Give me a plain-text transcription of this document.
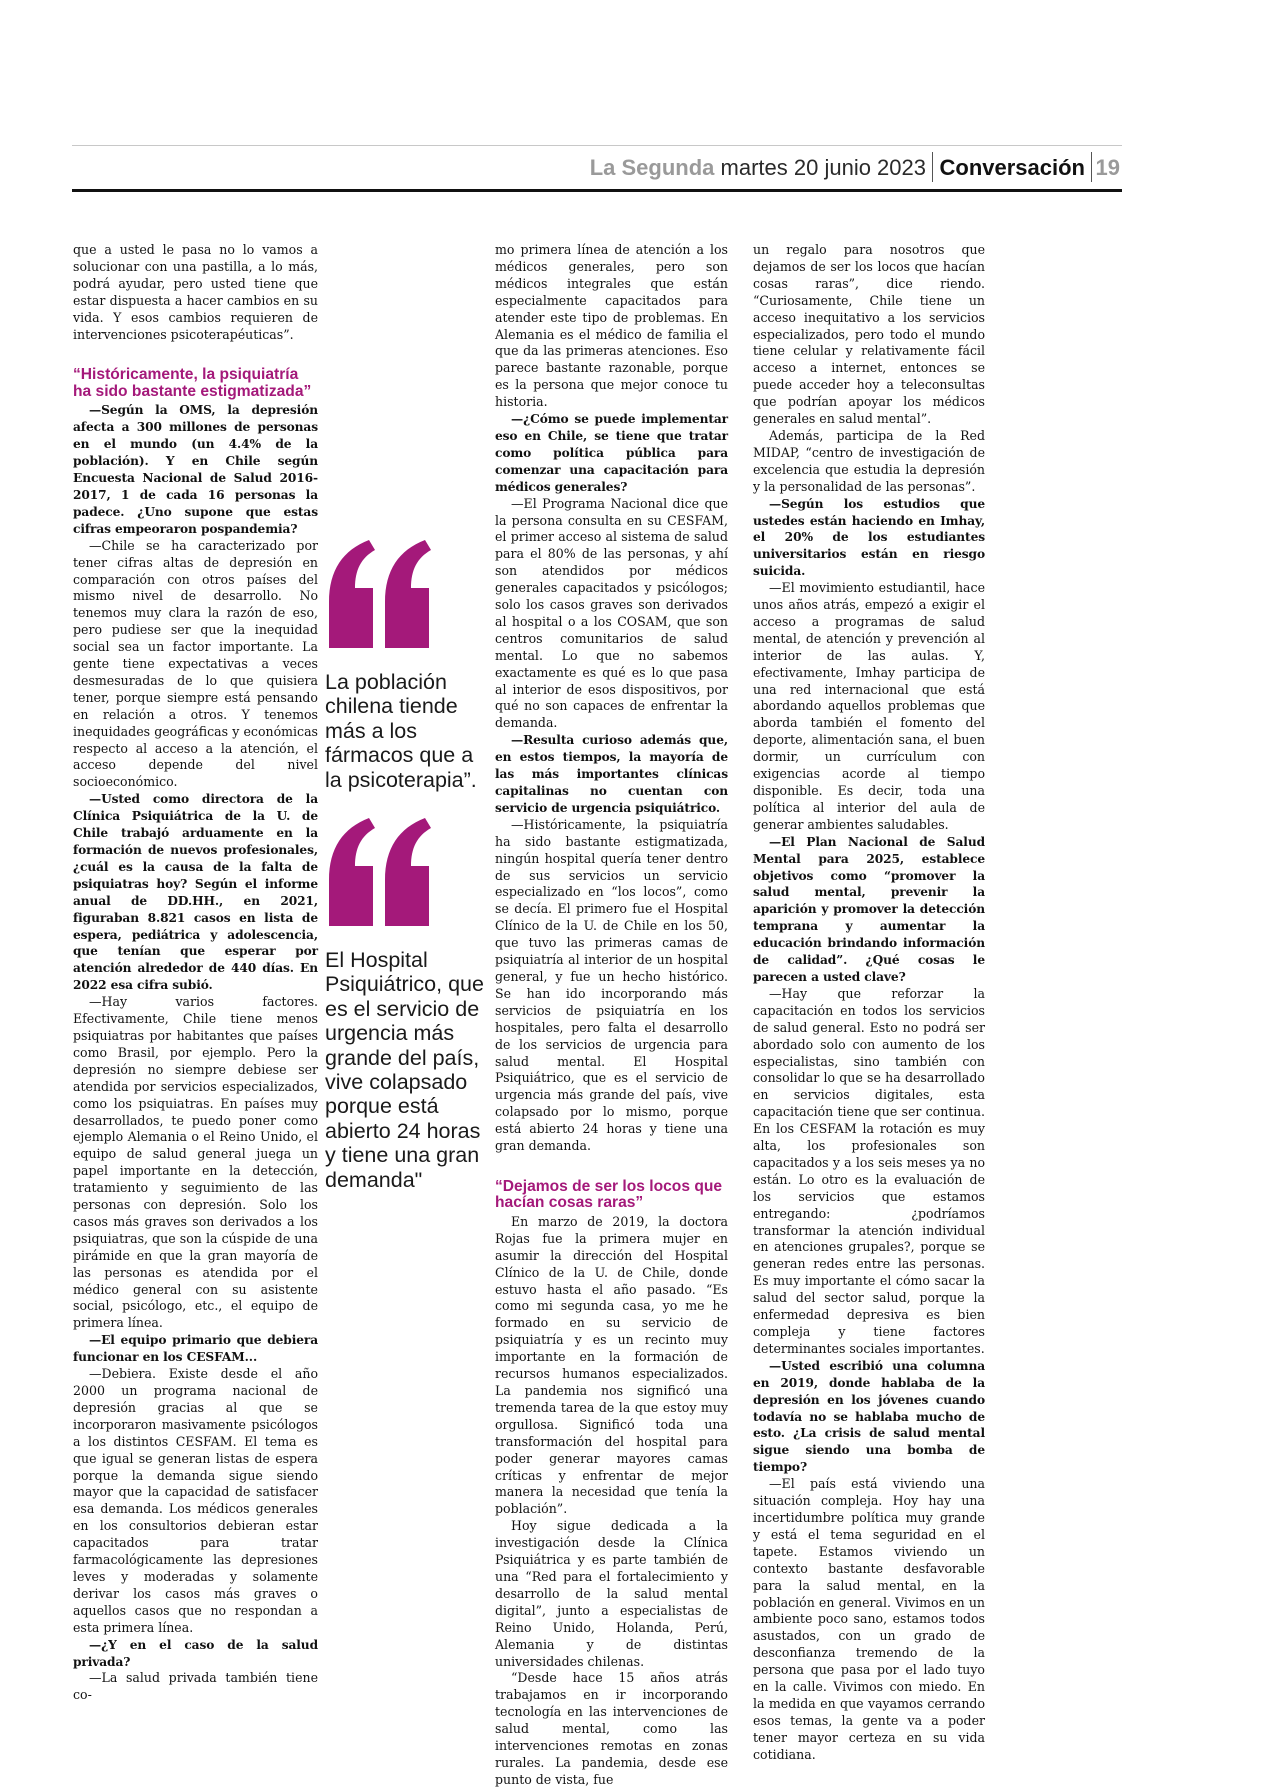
La Segunda martes 20 junio 2023 Conversación 19

que a usted le pasa no lo vamos a solucionar con una pastilla, a lo más, podrá ayudar, pero usted tiene que estar dispuesta a hacer cambios en su vida. Y esos cambios requieren de intervenciones psicoterapéuticas”.

“Históricamente, la psiquiatría ha sido bastante estigmatizada”

—Según la OMS, la depresión afecta a 300 millones de personas en el mundo (un 4.4% de la población). Y en Chile según Encuesta Nacional de Salud 2016-2017, 1 de cada 16 personas la padece. ¿Uno supone que estas cifras empeoraron pospandemia?

—Chile se ha caracterizado por tener cifras altas de depresión en comparación con otros países del mismo nivel de desarrollo. No tenemos muy clara la razón de eso, pero pudiese ser que la inequidad social sea un factor importante. La gente tiene expectativas a veces desmesuradas de lo que quisiera tener, porque siempre está pensando en relación a otros. Y tenemos inequidades geográficas y económicas respecto al acceso a la atención, el acceso depende del nivel socioeconómico.

—Usted como directora de la Clínica Psiquiátrica de la U. de Chile trabajó arduamente en la formación de nuevos profesionales, ¿cuál es la causa de la falta de psiquiatras hoy? Según el informe anual de DD.HH., en 2021, figuraban 8.821 casos en lista de espera, pediátrica y adolescencia, que tenían que esperar por atención alrededor de 440 días. En 2022 esa cifra subió.

—Hay varios factores. Efectivamente, Chile tiene menos psiquiatras por habitantes que países como Brasil, por ejemplo. Pero la depresión no siempre debiese ser atendida por servicios especializados, como los psiquiatras. En países muy desarrollados, te puedo poner como ejemplo Alemania o el Reino Unido, el equipo de salud general juega un papel importante en la detección, tratamiento y seguimiento de las personas con depresión. Solo los casos más graves son derivados a los psiquiatras, que son la cúspide de una pirámide en que la gran mayoría de las personas es atendida por el médico general con su asistente social, psicólogo, etc., el equipo de primera línea.

—El equipo primario que debiera funcionar en los CESFAM...

—Debiera. Existe desde el año 2000 un programa nacional de depresión gracias al que se incorporaron masivamente psicólogos a los distintos CESFAM. El tema es que igual se generan listas de espera porque la demanda sigue siendo mayor que la capacidad de satisfacer esa demanda. Los médicos generales en los consultorios debieran estar capacitados para tratar farmacológicamente las depresiones leves y moderadas y solamente derivar los casos más graves o aquellos casos que no respondan a esta primera línea.

—¿Y en el caso de la salud privada?

—La salud privada también tiene co-

La población chilena tiende más a los fármacos que a la psicoterapia”.

El Hospital Psiquiátrico, que es el servicio de urgencia más grande del país, vive colapsado porque está abierto 24 horas y tiene una gran demanda"

mo primera línea de atención a los médicos generales, pero son médicos integrales que están especialmente capacitados para atender este tipo de problemas. En Alemania es el médico de familia el que da las primeras atenciones. Eso parece bastante razonable, porque es la persona que mejor conoce tu historia.

—¿Cómo se puede implementar eso en Chile, se tiene que tratar como política pública para comenzar una capacitación para médicos generales?

—El Programa Nacional dice que la persona consulta en su CESFAM, el primer acceso al sistema de salud para el 80% de las personas, y ahí son atendidos por médicos generales capacitados y psicólogos; solo los casos graves son derivados al hospital o a los COSAM, que son centros comunitarios de salud mental. Lo que no sabemos exactamente es qué es lo que pasa al interior de esos dispositivos, por qué no son capaces de enfrentar la demanda.

—Resulta curioso además que, en estos tiempos, la mayoría de las más importantes clínicas capitalinas no cuentan con servicio de urgencia psiquiátrico.

—Históricamente, la psiquiatría ha sido bastante estigmatizada, ningún hospital quería tener dentro de sus servicios un servicio especializado en “los locos”, como se decía. El primero fue el Hospital Clínico de la U. de Chile en los 50, que tuvo las primeras camas de psiquiatría al interior de un hospital general, y fue un hecho histórico. Se han ido incorporando más servicios de psiquiatría en los hospitales, pero falta el desarrollo de los servicios de urgencia para salud mental. El Hospital Psiquiátrico, que es el servicio de urgencia más grande del país, vive colapsado por lo mismo, porque está abierto 24 horas y tiene una gran demanda.

“Dejamos de ser los locos que hacían cosas raras”

En marzo de 2019, la doctora Rojas fue la primera mujer en asumir la dirección del Hospital Clínico de la U. de Chile, donde estuvo hasta el año pasado. “Es como mi segunda casa, yo me he formado en su servicio de psiquiatría y es un recinto muy importante en la formación de recursos humanos especializados. La pandemia nos significó una tremenda tarea de la que estoy muy orgullosa. Significó toda una transformación del hospital para poder generar mayores camas críticas y enfrentar de mejor manera la necesidad que tenía la población”.

Hoy sigue dedicada a la investigación desde la Clínica Psiquiátrica y es parte también de una “Red para el fortalecimiento y desarrollo de la salud mental digital”, junto a especialistas de Reino Unido, Holanda, Perú, Alemania y de distintas universidades chilenas.

“Desde hace 15 años atrás trabajamos en ir incorporando tecnología en las intervenciones de salud mental, como las intervenciones remotas en zonas rurales. La pandemia, desde ese punto de vista, fue

un regalo para nosotros que dejamos de ser los locos que hacían cosas raras”, dice riendo. “Curiosamente, Chile tiene un acceso inequitativo a los servicios especializados, pero todo el mundo tiene celular y relativamente fácil acceso a internet, entonces se puede acceder hoy a teleconsultas que podrían apoyar los médicos generales en salud mental”.

Además, participa de la Red MIDAP, “centro de investigación de excelencia que estudia la depresión y la personalidad de las personas”.

—Según los estudios que ustedes están haciendo en Imhay, el 20% de los estudiantes universitarios están en riesgo suicida.

—El movimiento estudiantil, hace unos años atrás, empezó a exigir el acceso a programas de salud mental, de atención y prevención al interior de las aulas. Y, efectivamente, Imhay participa de una red internacional que está abordando aquellos problemas que aborda también el fomento del deporte, alimentación sana, el buen dormir, un currículum con exigencias acorde al tiempo disponible. Es decir, toda una política al interior del aula de generar ambientes saludables.

—El Plan Nacional de Salud Mental para 2025, establece objetivos como “promover la salud mental, prevenir la aparición y promover la detección temprana y aumentar la educación brindando información de calidad”. ¿Qué cosas le parecen a usted clave?

—Hay que reforzar la capacitación en todos los servicios de salud general. Esto no podrá ser abordado solo con aumento de los especialistas, sino también con consolidar lo que se ha desarrollado en servicios digitales, esta capacitación tiene que ser continua. En los CESFAM la rotación es muy alta, los profesionales son capacitados y a los seis meses ya no están. Lo otro es la evaluación de los servicios que estamos entregando: ¿podríamos transformar la atención individual en atenciones grupales?, porque se generan redes entre las personas. Es muy importante el cómo sacar la salud del sector salud, porque la enfermedad depresiva es bien compleja y tiene factores determinantes sociales importantes.

—Usted escribió una columna en 2019, donde hablaba de la depresión en los jóvenes cuando todavía no se hablaba mucho de esto. ¿La crisis de salud mental sigue siendo una bomba de tiempo?

—El país está viviendo una situación compleja. Hoy hay una incertidumbre política muy grande y está el tema seguridad en el tapete. Estamos viviendo un contexto bastante desfavorable para la salud mental, en la población en general. Vivimos en un ambiente poco sano, estamos todos asustados, con un grado de desconfianza tremendo de la persona que pasa por el lado tuyo en la calle. Vivimos con miedo. En la medida en que vayamos cerrando esos temas, la gente va a poder tener mayor certeza en su vida cotidiana.
